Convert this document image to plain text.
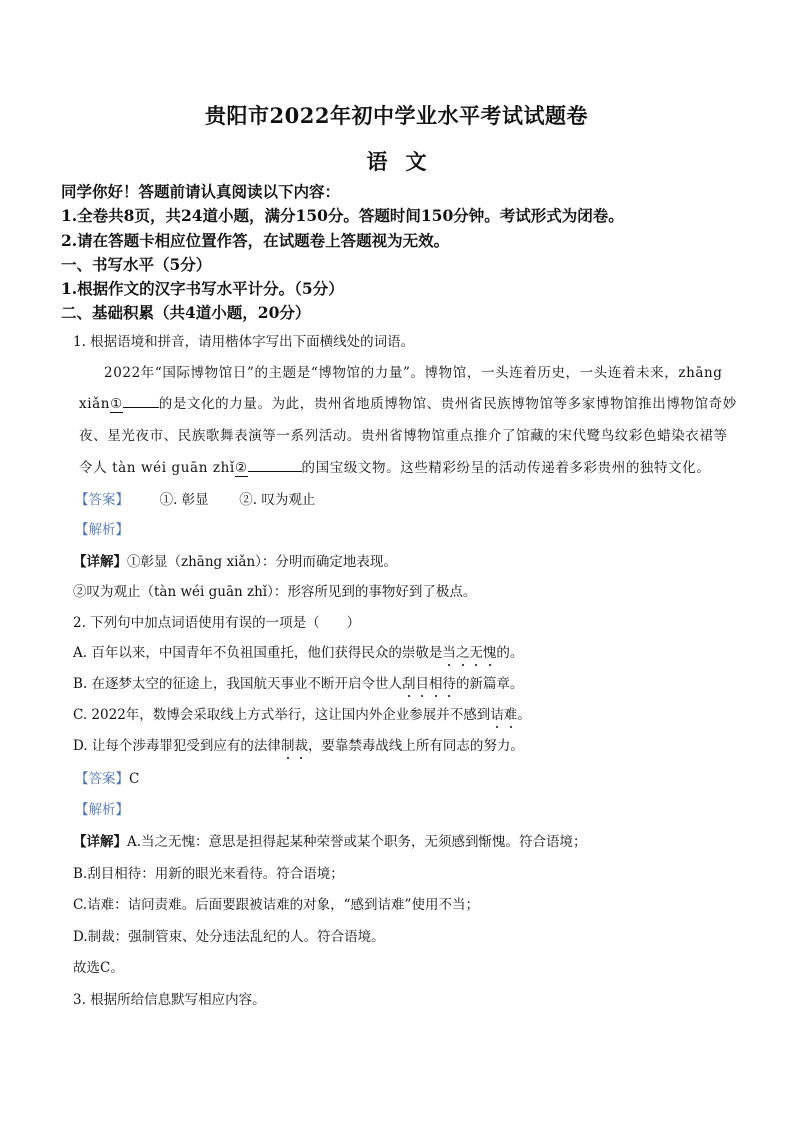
贵阳市2022年初中学业水平考试试题卷
语文
同学你好！答题前请认真阅读以下内容：
1.全卷共8页，共24道小题，满分150分。答题时间150分钟。考试形式为闭卷。
2.请在答题卡相应位置作答，在试题卷上答题视为无效。
一、书写水平（5分）
1.根据作文的汉字书写水平计分。（5分）
二、基础积累（共4道小题，20分）
1. 根据语境和拼音，请用楷体字写出下面横线处的词语。
2022年“国际博物馆日”的主题是“博物馆的力量”。博物馆，一头连着历史，一头连着未来，zhāng
xiǎn①	的是文化的力量。为此，贵州省地质博物馆、贵州省民族博物馆等多家博物馆推出博物馆奇妙
夜、星光夜市、民族歌舞表演等一系列活动。贵州省博物馆重点推介了馆藏的宋代鹭鸟纹彩色蜡染衣裙等
令人 tàn wéi guān zhǐ②	的国宝级文物。这些精彩纷呈的活动传递着多彩贵州的独特文化。
【答案】 ①. 彰显 ②. 叹为观止
【解析】
【详解】①彰显（zhāng xiǎn）：分明而确定地表现。
②叹为观止（tàn wéi guān zhǐ）：形容所见到的事物好到了极点。
2. 下列句中加点词语使用有误的一项是（　　）
A. 百年以来，中国青年不负祖国重托，他们获得民众的崇敬是当之无愧的。
B. 在逐梦太空的征途上，我国航天事业不断开启令世人刮目相待的新篇章。
C. 2022年，数博会采取线上方式举行，这让国内外企业参展并不感到诘难。
D. 让每个涉毒罪犯受到应有的法律制裁，要靠禁毒战线上所有同志的努力。
【答案】C
【解析】
【详解】A.当之无愧：意思是担得起某种荣誉或某个职务，无须感到惭愧。符合语境；
B.刮目相待：用新的眼光来看待。符合语境；
C.诘难：诘问责难。后面要跟被诘难的对象，“感到诘难”使用不当；
D.制裁：强制管束、处分违法乱纪的人。符合语境。
故选C。
3. 根据所给信息默写相应内容。
